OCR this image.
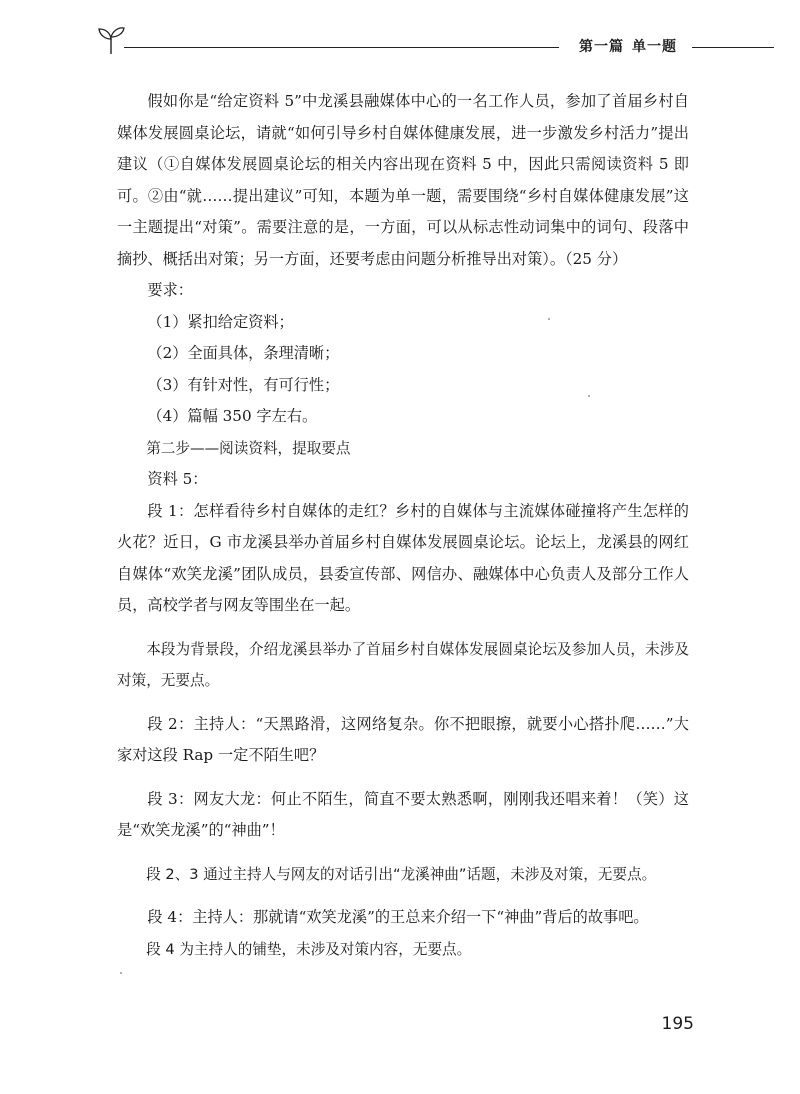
第一篇 单一题

假如你是“给定资料 5”中龙溪县融媒体中心的一名工作人员，参加了首届乡村自媒体发展圆桌论坛，请就“如何引导乡村自媒体健康发展，进一步激发乡村活力”提出建议（①自媒体发展圆桌论坛的相关内容出现在资料 5 中，因此只需阅读资料 5 即可。②由“就……提出建议”可知，本题为单一题，需要围绕“乡村自媒体健康发展”这一主题提出“对策”。需要注意的是，一方面，可以从标志性动词集中的词句、段落中摘抄、概括出对策；另一方面，还要考虑由问题分析推导出对策）。（25 分）

要求：

（1）紧扣给定资料；

（2）全面具体，条理清晰；

（3）有针对性，有可行性；

（4）篇幅 350 字左右。

第二步——阅读资料，提取要点

资料 5：

段 1：怎样看待乡村自媒体的走红？乡村的自媒体与主流媒体碰撞将产生怎样的火花？近日，G 市龙溪县举办首届乡村自媒体发展圆桌论坛。论坛上，龙溪县的网红自媒体“欢笑龙溪”团队成员，县委宣传部、网信办、融媒体中心负责人及部分工作人员，高校学者与网友等围坐在一起。

本段为背景段，介绍龙溪县举办了首届乡村自媒体发展圆桌论坛及参加人员，未涉及对策，无要点。

段 2：主持人：“天黑路滑，这网络复杂。你不把眼擦，就要小心搭扑爬……”大家对这段 Rap 一定不陌生吧？

段 3：网友大龙：何止不陌生，简直不要太熟悉啊，刚刚我还唱来着！（笑）这是“欢笑龙溪”的“神曲”！

段 2、3 通过主持人与网友的对话引出“龙溪神曲”话题，未涉及对策，无要点。

段 4：主持人：那就请“欢笑龙溪”的王总来介绍一下“神曲”背后的故事吧。

段 4 为主持人的铺垫，未涉及对策内容，无要点。

195
